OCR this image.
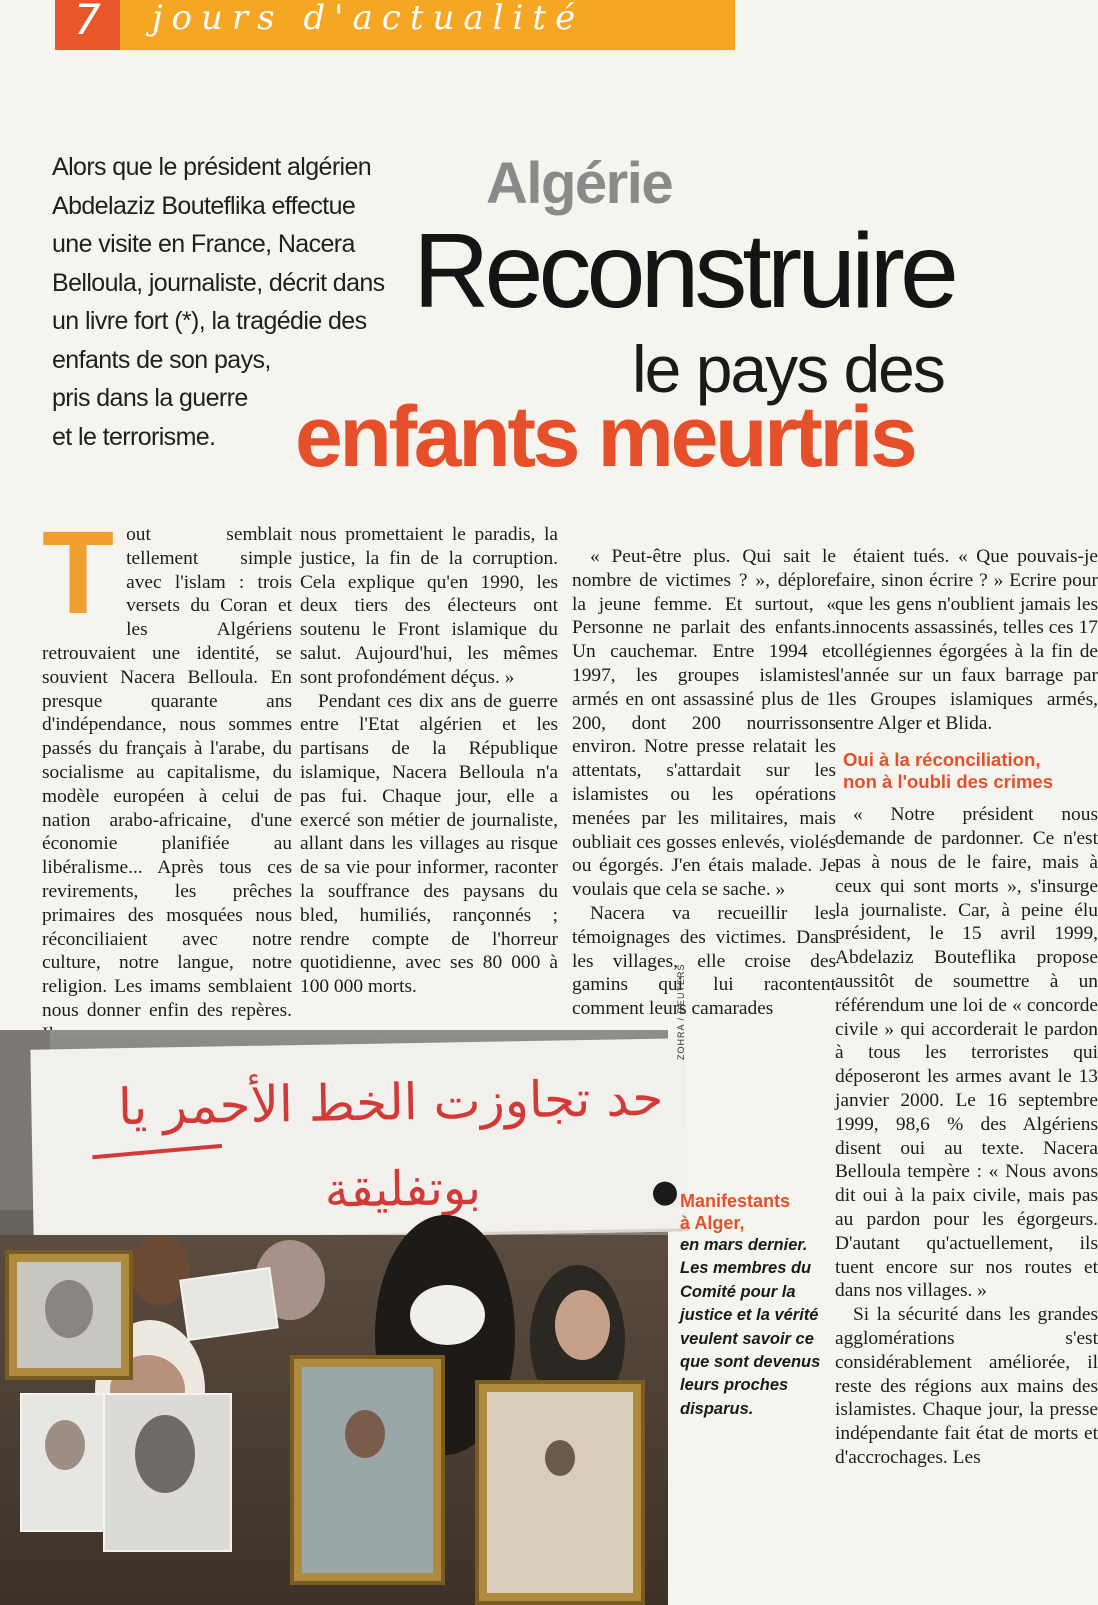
7	jours d'actualité
Alors que le président algérien
Abdelaziz Bouteflika effectue
une visite en France, Nacera
Belloula, journaliste, décrit dans
un livre fort (*), la tragédie des
enfants de son pays,
pris dans la guerre
et le terrorisme.
Algérie
Reconstruire
le pays des
enfants meurtris
T out semblait tellement simple avec l'islam : trois versets du Coran et les Algériens retrouvaient une identité, se souvient Nacera Belloula. En presque quarante ans d'indépendance, nous sommes passés du français à l'arabe, du socialisme au capitalisme, du modèle européen à celui de nation arabo-africaine, d'une économie planifiée au libéralisme... Après tous ces revirements, les prêches primaires des mosquées nous réconciliaient avec notre culture, notre langue, notre religion. Les imams semblaient nous donner enfin des repères.

nous promettaient le paradis, la justice, la fin de la corruption. Cela explique qu'en 1990, les deux tiers des électeurs ont soutenu le Front islamique du salut. Aujourd'hui, les mêmes sont profondément déçus. »

Pendant ces dix ans de guerre entre l'Etat algérien et les partisans de la République islamique, Nacera Belloula n'a pas fui. Chaque jour, elle a exercé son métier de journaliste, allant dans les villages au risque de sa vie pour informer, raconter la souffrance des paysans du bled, humiliés, rançonnés ; rendre compte de l'horreur quotidienne, avec ses 80 000 à 100 000 morts.

« Peut-être plus. Qui sait le nombre de victimes ? », déplore la jeune femme. Et surtout, « Personne ne parlait des enfants. Un cauchemar. Entre 1994 et 1997, les groupes islamistes armés en ont assassiné plus de 1 200, dont 200 nourrissons environ. Notre presse relatait les attentats, s'attardait sur les islamistes ou les opérations menées par les militaires, mais oubliait ces gosses enlevés, violés ou égorgés. J'en étais malade. Je voulais que cela se sache. »

Nacera va recueillir les témoignages des victimes. Dans les villages, elle croise des gamins qui lui racontent comment leurs camarades

étaient tués. « Que pouvais-je faire, sinon écrire ? » Ecrire pour que les gens n'oublient jamais les innocents assassinés, telles ces 17 collégiennes égorgées à la fin de l'année sur un faux barrage par les Groupes islamiques armés, entre Alger et Blida.

Oui à la réconciliation,
non à l'oubli des crimes

« Notre président nous demande de pardonner. Ce n'est pas à nous de le faire, mais à ceux qui sont morts », s'insurge la journaliste. Car, à peine élu président, le 15 avril 1999, Abdelaziz Bouteflika propose aussitôt de soumettre à un référendum une loi de « concorde civile » qui accorderait le pardon à tous les terroristes qui déposeront les armes avant le 13 janvier 2000. Le 16 septembre 1999, 98,6 % des Algériens disent oui au texte. Nacera Belloula tempère : « Nous avons dit oui à la paix civile, mais pas au pardon pour les égorgeurs. D'autant qu'actuellement, ils tuent encore sur nos routes et dans nos villages. »

Si la sécurité dans les grandes agglomérations s'est considérablement améliorée, il reste des régions aux mains des islamistes. Chaque jour, la presse indépendante fait état de morts et d'accrochages. Les

حد تجاوزت الخط الأحمر يا
بوتفليقة
ZOHRA / REUTERS
Manifestants
à Alger,
en mars dernier. Les membres du Comité pour la justice et la vérité veulent savoir ce que sont devenus leurs proches disparus.
